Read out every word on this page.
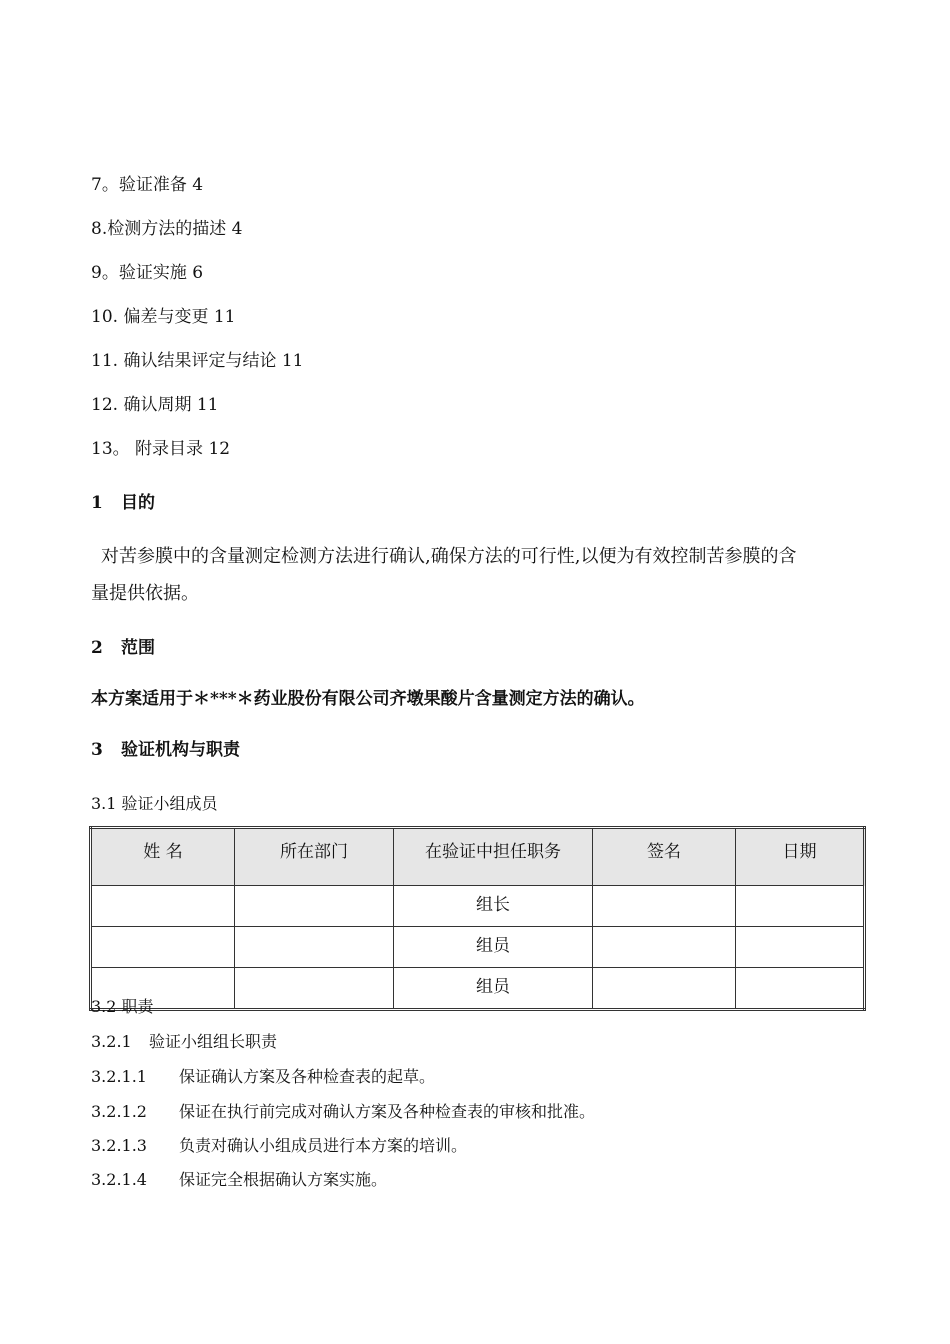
7。验证准备 4
8.检测方法的描述 4
9。验证实施 6
10. 偏差与变更 11
11. 确认结果评定与结论 11
12. 确认周期 11
13。 附录目录 12
1 目的
对苦参膜中的含量测定检测方法进行确认,确保方法的可行性,以便为有效控制苦参膜的含
量提供依据。
2 范围
本方案适用于＊***＊药业股份有限公司齐墩果酸片含量测定方法的确认。
3 验证机构与职责
3.1 验证小组成员
姓 名	所在部门	在验证中担任职务	签名	日期
		组长		
		组员		
		组员		
3.2 职责
3.2.1 验证小组组长职责
3.2.1.1 保证确认方案及各种检查表的起草。
3.2.1.2 保证在执行前完成对确认方案及各种检查表的审核和批准。
3.2.1.3 负责对确认小组成员进行本方案的培训。
3.2.1.4 保证完全根据确认方案实施。
